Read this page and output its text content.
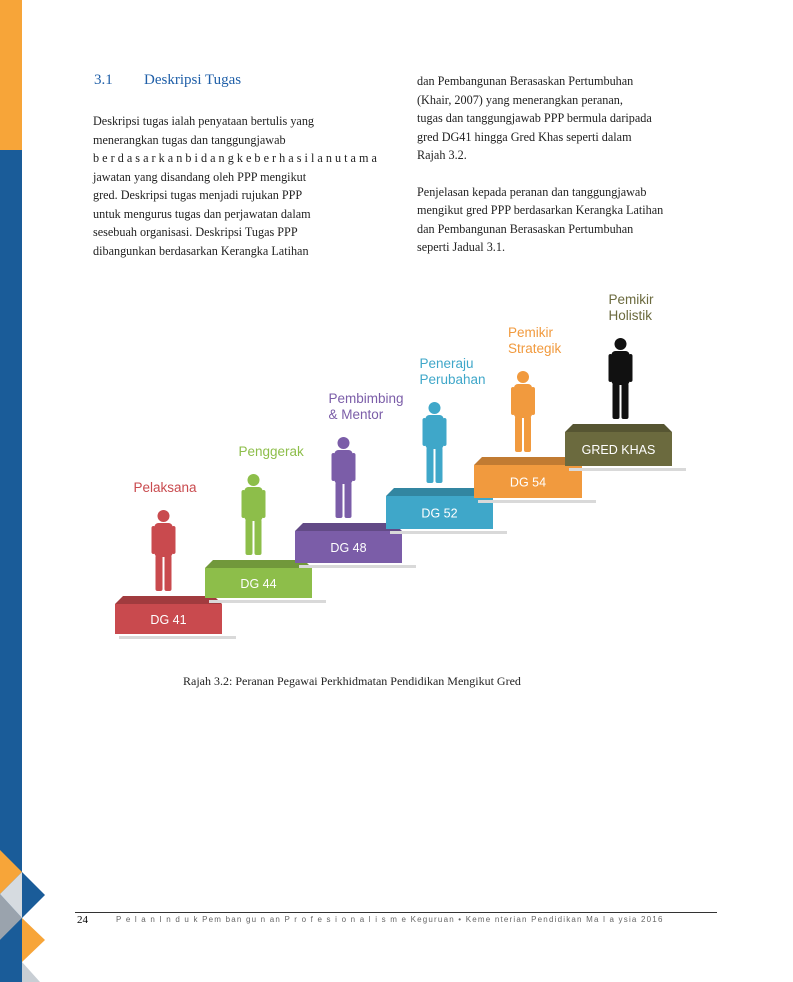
3.1 Deskripsi Tugas

Deskripsi tugas ialah penyataan bertulis yang

menerangkan tugas dan tanggungjawab

b e r d a s a r k a n b i d a n g k e b e r h a s i l a n u t a m a

jawatan yang disandang oleh PPP mengikut

gred. Deskripsi tugas menjadi rujukan PPP

untuk mengurus tugas dan perjawatan dalam

sesebuah organisasi. Deskripsi Tugas PPP

dibangunkan berdasarkan Kerangka Latihan

dan Pembangunan Berasaskan Pertumbuhan

(Khair, 2007) yang menerangkan peranan,

tugas dan tanggungjawab PPP bermula daripada

gred DG41 hingga Gred Khas seperti dalam

Rajah 3.2.

Penjelasan kepada peranan dan tanggungjawab

mengikut gred PPP berdasarkan Kerangka Latihan

dan Pembangunan Berasaskan Pertumbuhan

seperti Jadual 3.1.

DG 41
Pelaksana
DG 44
Penggerak
DG 48
Pembimbing
& Mentor
DG 52
Peneraju
Perubahan
DG 54
Pemikir
Strategik
GRED KHAS
Pemikir
Holistik
Rajah 3.2: Peranan Pegawai Perkhidmatan Pendidikan Mengikut Gred
24	P e l a n I n d u k Pem ban gu n an P r o f e s i o n a l i s m e Keguruan • Keme nterian Pendidikan Ma l a ysia 2016
